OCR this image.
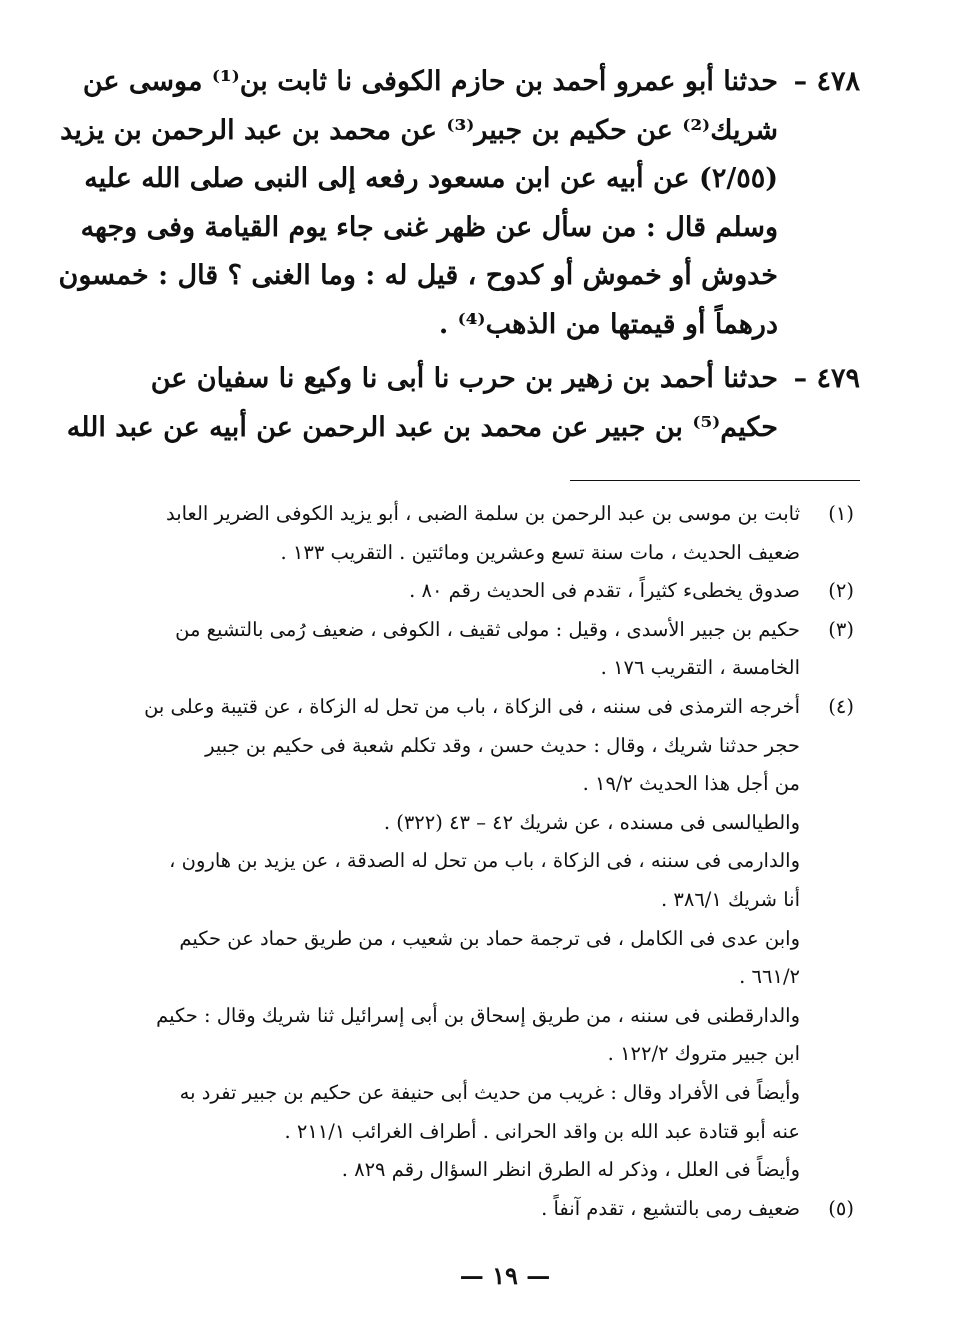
٤٧٨ –
حدثنا أبو عمرو أحمد بن حازم الكوفى نا ثابت بن⁽¹⁾ موسى عن
شريك⁽²⁾ عن حكيم بن جبير⁽³⁾ عن محمد بن عبد الرحمن بن يزيد
(٢/٥٥) عن أبيه عن ابن مسعود رفعه إلى النبى صلى الله عليه
وسلم قال : من سأل عن ظهر غنى جاء يوم القيامة وفى وجهه
خدوش أو خموش أو كدوح ، قيل له : وما الغنى ؟ قال : خمسون
درهماً أو قيمتها من الذهب⁽⁴⁾ .
٤٧٩ –
حدثنا أحمد بن زهير بن حرب نا أبى نا وكيع نا سفيان عن
حكيم⁽⁵⁾ بن جبير عن محمد بن عبد الرحمن عن أبيه عن عبد الله
(١)
ثابت بن موسى بن عبد الرحمن بن سلمة الضبى ، أبو يزيد الكوفى الضرير العابد
ضعيف الحديث ، مات سنة تسع وعشرين ومائتين . التقريب ١٣٣ .
(٢)
صدوق يخطىء كثيراً ، تقدم فى الحديث رقم ٨٠ .
(٣)
حكيم بن جبير الأسدى ، وقيل : مولى ثقيف ، الكوفى ، ضعيف رُمى بالتشيع من
الخامسة ، التقريب ١٧٦ .
(٤)
أخرجه الترمذى فى سننه ، فى الزكاة ، باب من تحل له الزكاة ، عن قتيبة وعلى بن
حجر حدثنا شريك ، وقال : حديث حسن ، وقد تكلم شعبة فى حكيم بن جبير
من أجل هذا الحديث ١٩/٢ .
والطيالسى فى مسنده ، عن شريك ٤٢ – ٤٣ (٣٢٢) .
والدارمى فى سننه ، فى الزكاة ، باب من تحل له الصدقة ، عن يزيد بن هارون ،
أنا شريك ٣٨٦/١ .
وابن عدى فى الكامل ، فى ترجمة حماد بن شعيب ، من طريق حماد عن حكيم
٦٦١/٢ .
والدارقطنى فى سننه ، من طريق إسحاق بن أبى إسرائيل ثنا شريك وقال : حكيم
ابن جبير متروك ١٢٢/٢ .
وأيضاً فى الأفراد وقال : غريب من حديث أبى حنيفة عن حكيم بن جبير تفرد به
عنه أبو قتادة عبد الله بن واقد الحرانى . أطراف الغرائب ٢١١/١ .
وأيضاً فى العلل ، وذكر له الطرق انظر السؤال رقم ٨٢٩ .
(٥)
ضعيف رمى بالتشيع ، تقدم آنفاً .
— ١٩ —
